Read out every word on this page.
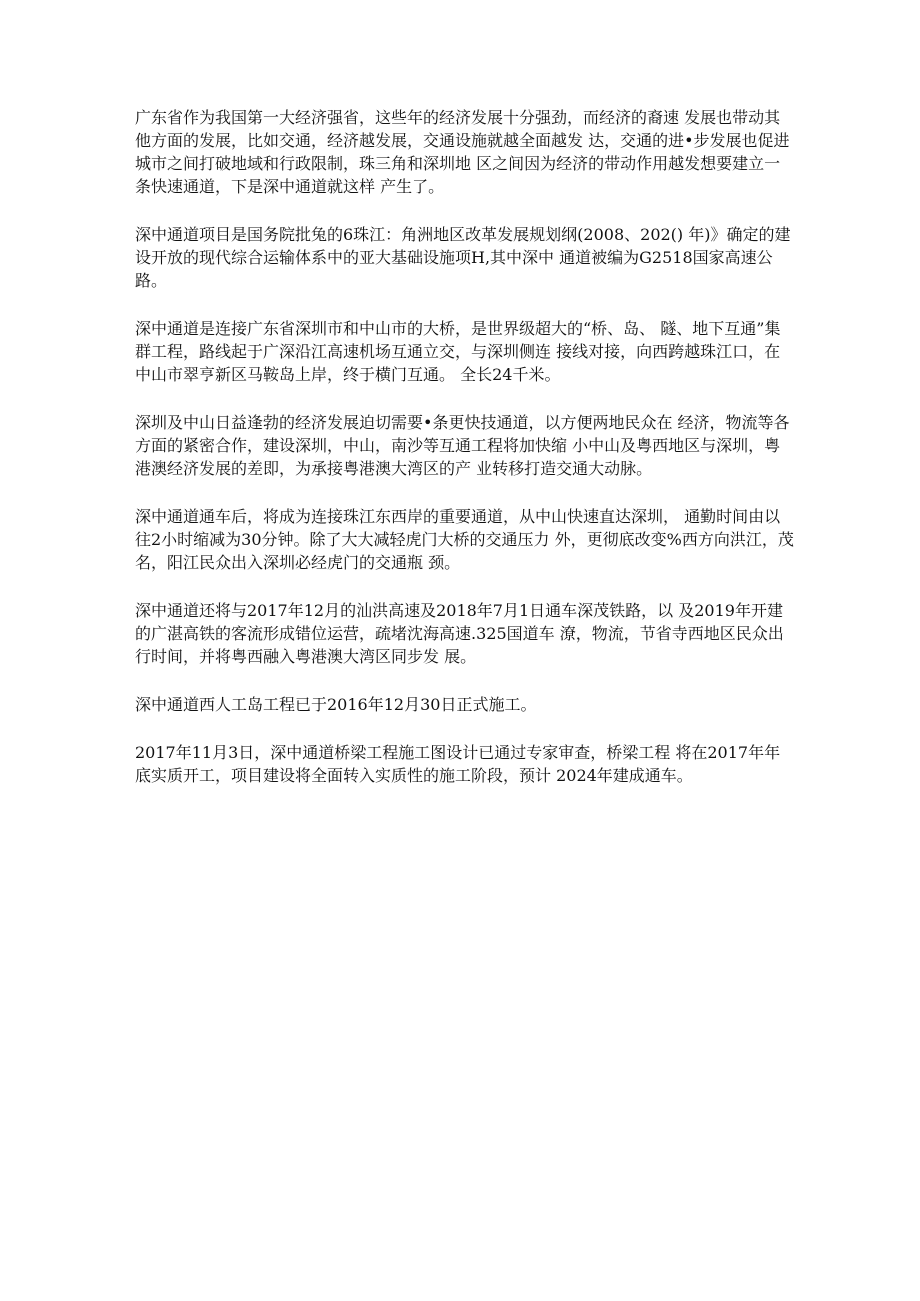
广东省作为我国第一大经济强省，这些年的经济发展十分强劲，而经济的裔速 发展也带动其他方面的发展，比如交通，经济越发展，交通设施就越全面越发 达，交通的进•步发展也促进城市之间打破地域和行政限制，珠三角和深圳地 区之间因为经济的带动作用越发想要建立一条快速通道，下是深中通道就这样 产生了。

深中通道项目是国务院批兔的6珠江：角洲地区改革发展规划纲(2008、202() 年)》确定的建设开放的现代综合运输体系中的亚大基础设施项H,其中深中 通道被编为G2518国家高速公路。

深中通道是连接广东省深圳市和中山市的大桥，是世界级超大的“桥、岛、 隧、地下互通”集群工程，路线起于广深沿江高速机场互通立交，与深圳侧连 接线对接，向西跨越珠江口，在中山市翠亨新区马鞍岛上岸，终于横门互通。 全长24千米。

深圳及中山日益逢勃的经济发展迫切需要•条更快技通道，以方便两地民众在 经济，物流等各方面的紧密合作，建设深圳，中山，南沙等互通工程将加快缩 小中山及粤西地区与深圳，粤港澳经济发展的差即，为承接粤港澳大湾区的产 业转移打造交通大动脉。

深中通道通车后，将成为连接珠江东西岸的重要通道，从中山快速直达深圳， 通勤时间由以往2小时缩减为30分钟。除了大大减轻虎门大桥的交通压力 外，更彻底改变%西方向洪江，茂名，阳江民众出入深圳必经虎门的交通瓶 颈。

深中通道还将与2017年12月的汕洪高速及2018年7月1日通车深茂铁路，以 及2019年开建的广湛高铁的客流形成错位运营，疏堵沈海高速.325国道车 潦，物流，节省寺西地区民众出行时间，并将粤西融入粤港澳大湾区同步发 展。

深中通道西人工岛工程已于2016年12月30日正式施工。

2017年11月3日，深中通道桥梁工程施工图设计已通过专家审查，桥梁工程 将在2017年年底实质开工，项目建设将全面转入实质性的施工阶段，预计 2024年建成通车。
